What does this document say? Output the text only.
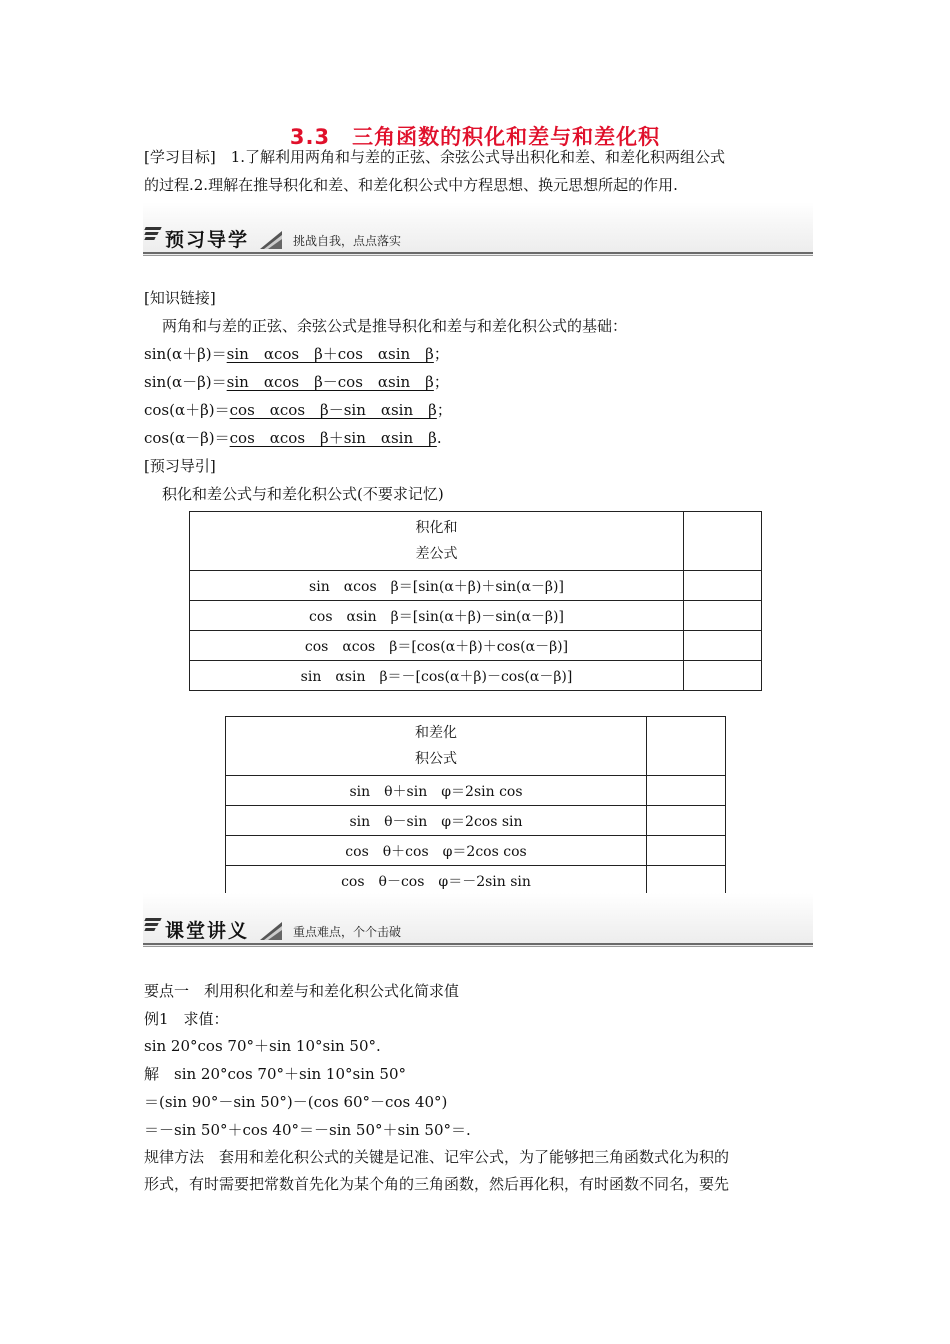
3.3　三角函数的积化和差与和差化积
[学习目标]　1.了解利用两角和与差的正弦、余弦公式导出积化和差、和差化积两组公式
的过程.2.理解在推导积化和差、和差化积公式中方程思想、换元思想所起的作用.
预习导学	挑战自我，点点落实
[知识链接]
两角和与差的正弦、余弦公式是推导积化和差与和差化积公式的基础：
sin(α＋β)＝sin　αcos　β＋cos　αsin　β；
sin(α－β)＝sin　αcos　β－cos　αsin　β；
cos(α＋β)＝cos　αcos　β－sin　αsin　β；
cos(α－β)＝cos　αcos　β＋sin　αsin　β.
[预习导引]
积化和差公式与和差化积公式(不要求记忆)
积化和
差公式	

sin　αcos　β＝[sin(α＋β)＋sin(α－β)]	
cos　αsin　β＝[sin(α＋β)－sin(α－β)]	
cos　αcos　β＝[cos(α＋β)＋cos(α－β)]	
sin　αsin　β＝－[cos(α＋β)－cos(α－β)]	
和差化
积公式	

sin　θ＋sin　φ＝2sin cos	
sin　θ－sin　φ＝2cos sin	
cos　θ＋cos　φ＝2cos cos	
cos　θ－cos　φ＝－2sin sin	
课堂讲义	重点难点，个个击破
要点一　利用积化和差与和差化积公式化简求值
例1　求值：
sin 20°cos 70°＋sin 10°sin 50°.
解　sin 20°cos 70°＋sin 10°sin 50°
＝(sin 90°－sin 50°)－(cos 60°－cos 40°)
＝－sin 50°＋cos 40°＝－sin 50°＋sin 50°＝.
规律方法　套用和差化积公式的关键是记准、记牢公式，为了能够把三角函数式化为积的
形式，有时需要把常数首先化为某个角的三角函数，然后再化积，有时函数不同名，要先
